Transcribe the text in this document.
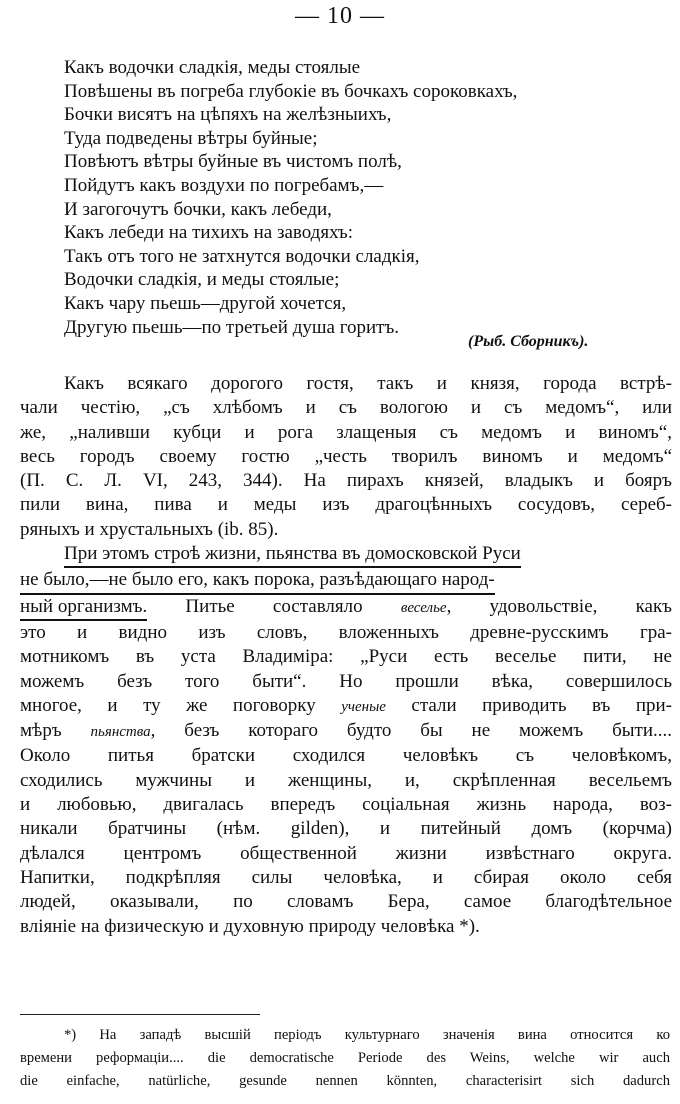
— 10 —
Какъ водочки сладкія, меды стоялые
Повѣшены въ погреба глубокіе въ бочкахъ сороковкахъ,
Бочки висятъ на цѣпяхъ на желѣзныихъ,
Туда подведены вѣтры буйные;
Повѣютъ вѣтры буйные въ чистомъ полѣ,
Пойдутъ какъ воздухи по погребамъ,—
И загогочутъ бочки, какъ лебеди,
Какъ лебеди на тихихъ на заводяхъ:
Такъ отъ того не затхнутся водочки сладкія,
Водочки сладкія, и меды стоялые;
Какъ чару пьешь—другой хочется,
Другую пьешь—по третьей душа горитъ.
(Рыб. Сборникъ).
Какъ всякаго дорогого гостя, такъ и князя, города встрѣ-
чали честію, „съ хлѣбомъ и съ вологою и съ медомъ“, или
же, „наливши кубци и рога злащеныя съ медомъ и виномъ“,
весь городъ своему гостю „честь творилъ виномъ и медомъ“
(П. С. Л. VI, 243, 344). На пирахъ князей, владыкъ и бояръ
пили вина, пива и меды изъ драгоцѣнныхъ сосудовъ, сереб-
ряныхъ и хрустальныхъ (ib. 85).
При этомъ строѣ жизни, пьянства въ домосковской Руси
не было,—не было его, какъ порока, разъѣдающаго народ-
ный организмъ. Питье составляло веселье, удовольствіе, какъ
это и видно изъ словъ, вложенныхъ древне-русскимъ гра-
мотникомъ въ уста Владиміра: „Руси есть веселье пити, не
можемъ безъ того быти“. Но прошли вѣка, совершилось
многое, и ту же поговорку ученые стали приводить въ при-
мѣръ пьянства, безъ котораго будто бы не можемъ быти....
Около питья братски сходился человѣкъ съ человѣкомъ,
сходились мужчины и женщины, и, скрѣпленная весельемъ
и любовью, двигалась впередъ соціальная жизнь народа, воз-
никали братчины (нѣм. gilden), и питейный домъ (корчма)
дѣлался центромъ общественной жизни извѣстнаго округа.
Напитки, подкрѣпляя силы человѣка, и сбирая около себя
людей, оказывали, по словамъ Бера, самое благодѣтельное
вліяніе на физическую и духовную природу человѣка *).
*) На западѣ высшій періодъ культурнаго значенія вина относится ко
времени реформаціи.... die democratische Periode des Weins, welche wir auch
die einfache, natürliche, gesunde nennen könnten, characterisirt sich dadurch
